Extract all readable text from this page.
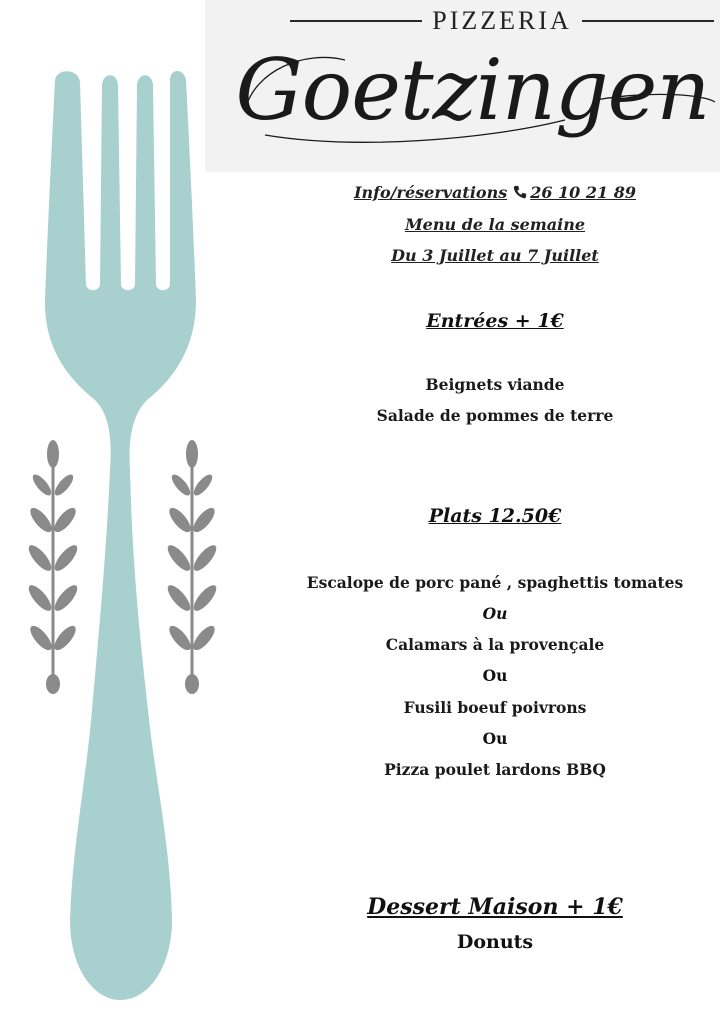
PIZZERIA
Goetzingen
Info/réservations 26 10 21 89
Menu de la semaine
Du 3 Juillet au 7 Juillet
Entrées + 1€
Beignets viande
Salade de pommes de terre
Plats 12.50€
Escalope de porc pané , spaghettis tomates
Ou
Calamars à la provençale
Ou
Fusili boeuf poivrons
Ou
Pizza poulet lardons BBQ
Dessert Maison + 1€
Donuts
